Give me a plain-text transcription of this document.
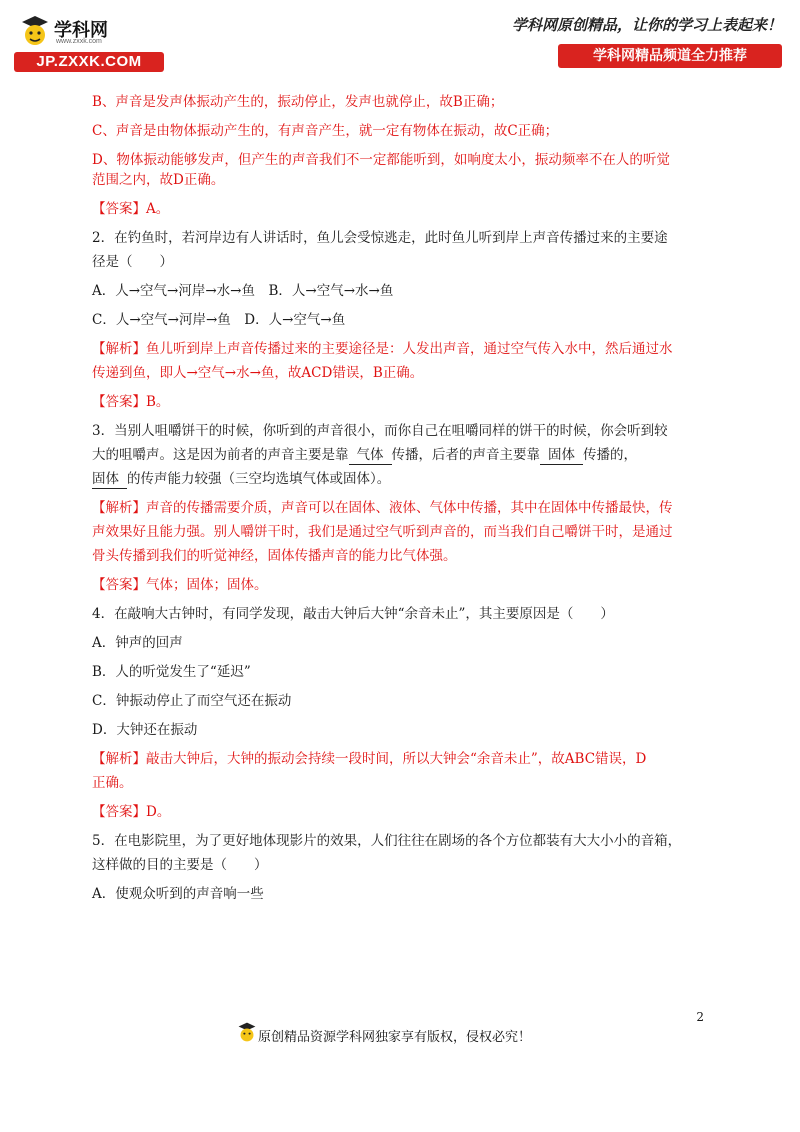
学科网
www.zxxk.com
JP.ZXXK.COM
学科网原创精品，让你的学习上表起来！
学科网精品频道全力推荐

B、声音是发声体振动产生的，振动停止，发声也就停止，故B正确；

C、声音是由物体振动产生的，有声音产生，就一定有物体在振动，故C正确；

D、物体振动能够发声，但产生的声音我们不一定都能听到，如响度太小，振动频率不在人的听觉

范围之内，故D正确。

【答案】A。

2．在钓鱼时，若河岸边有人讲话时，鱼儿会受惊逃走，此时鱼儿听到岸上声音传播过来的主要途

径是（　　）

A．人→空气→河岸→水→鱼　B．人→空气→水→鱼

C．人→空气→河岸→鱼　D．人→空气→鱼

【解析】鱼儿听到岸上声音传播过来的主要途径是：人发出声音，通过空气传入水中，然后通过水

传递到鱼，即人→空气→水→鱼，故ACD错误，B正确。

【答案】B。

3．当别人咀嚼饼干的时候，你听到的声音很小，而你自己在咀嚼同样的饼干的时候，你会听到较

大的咀嚼声。这是因为前者的声音主要是靠 气体 传播，后者的声音主要靠 固体 传播的，

固体 的传声能力较强（三空均选填气体或固体）。

【解析】声音的传播需要介质，声音可以在固体、液体、气体中传播，其中在固体中传播最快，传

声效果好且能力强。别人嚼饼干时，我们是通过空气听到声音的，而当我们自己嚼饼干时，是通过

骨头传播到我们的听觉神经，固体传播声音的能力比气体强。

【答案】气体；固体；固体。

4．在敲响大古钟时，有同学发现，敲击大钟后大钟“余音未止”，其主要原因是（　　）

A．钟声的回声

B．人的听觉发生了“延迟”

C．钟振动停止了而空气还在振动

D．大钟还在振动

【解析】敲击大钟后，大钟的振动会持续一段时间，所以大钟会“余音未止”，故ABC错误，D

正确。

【答案】D。

5．在电影院里，为了更好地体现影片的效果，人们往往在剧场的各个方位都装有大大小小的音箱，

这样做的目的主要是（　　）

A．使观众听到的声音响一些

2
原创精品资源学科网独家享有版权，侵权必究！
